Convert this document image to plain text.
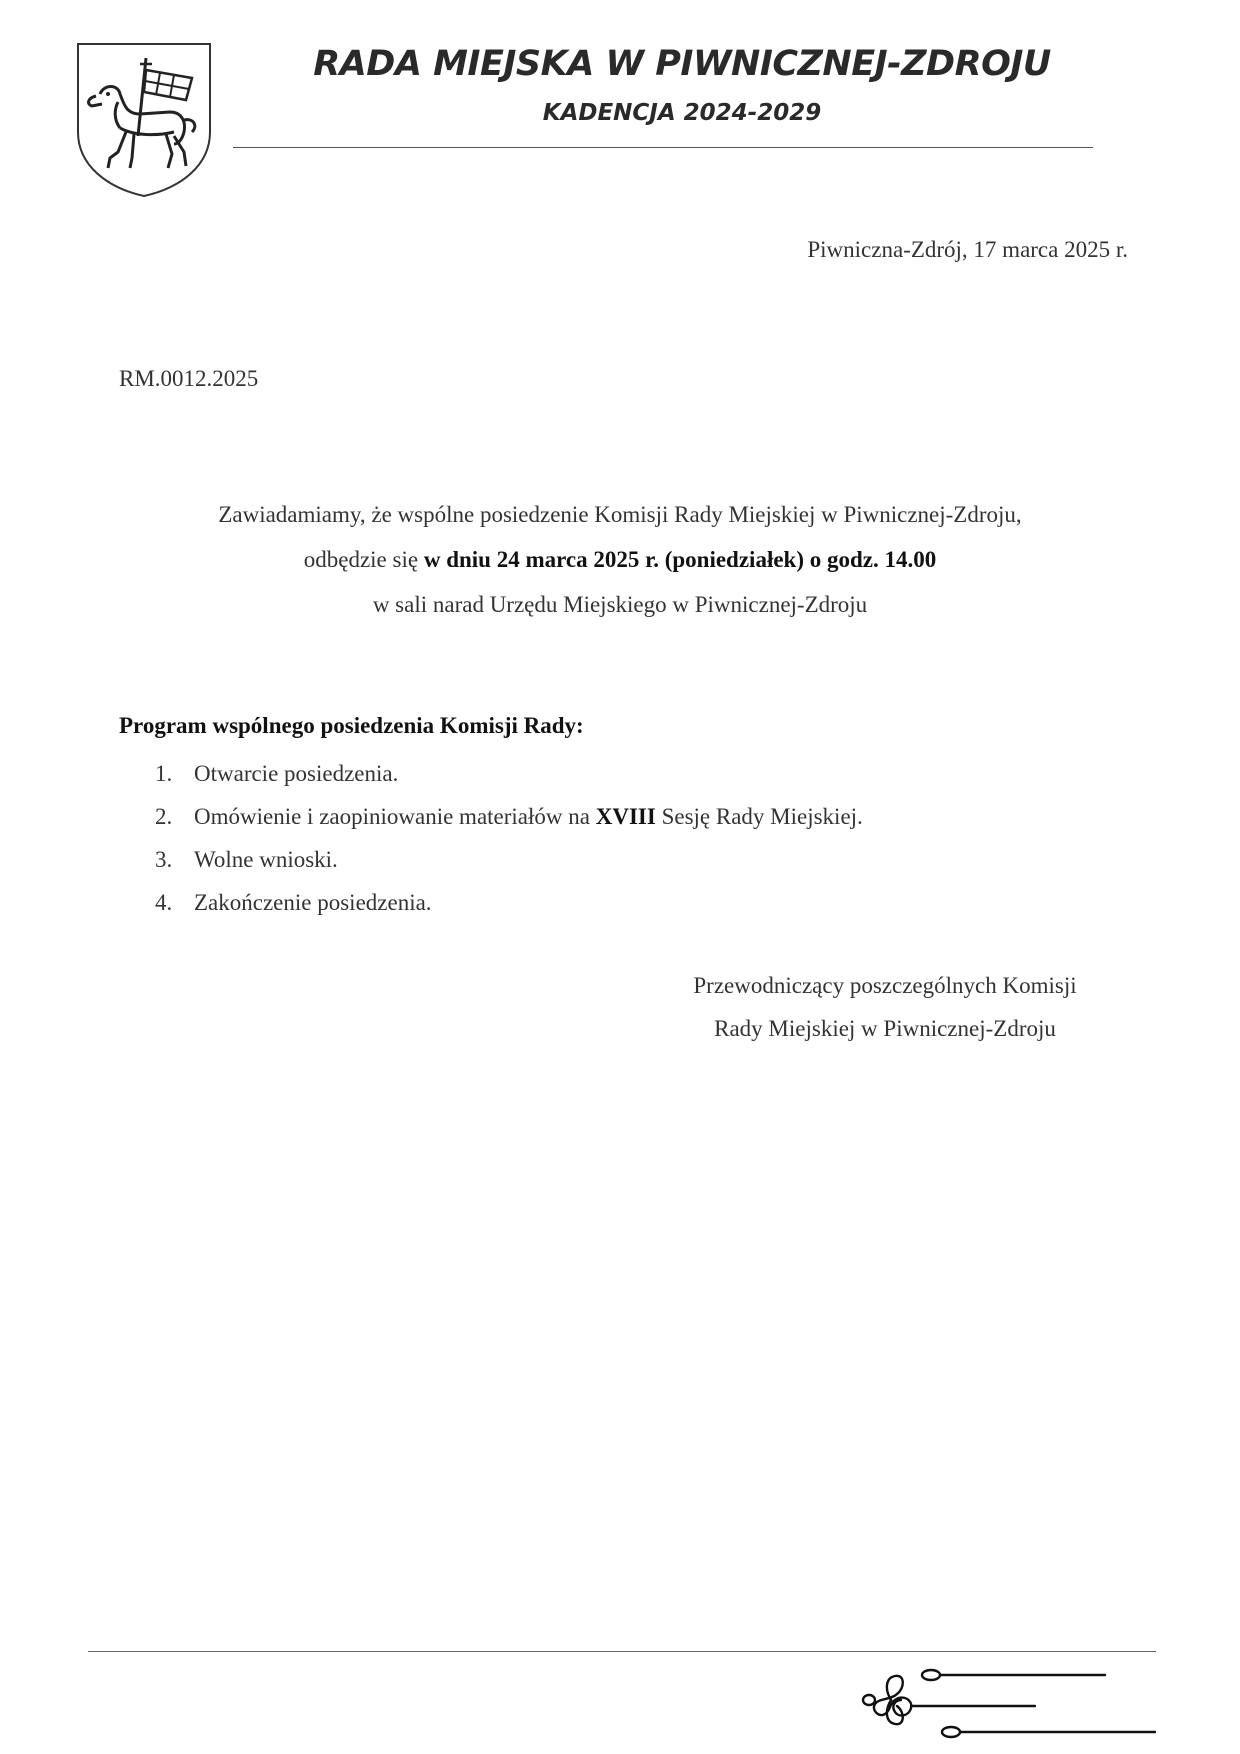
RADA MIEJSKA W PIWNICZNEJ-ZDROJU
KADENCJA 2024-2029
Piwniczna-Zdrój, 17 marca 2025 r.
RM.0012.2025
Zawiadamiamy, że wspólne posiedzenie Komisji Rady Miejskiej w Piwnicznej-Zdroju,
odbędzie się w dniu 24 marca 2025 r. (poniedziałek) o godz. 14.00
w sali narad Urzędu Miejskiego w Piwnicznej-Zdroju
Program wspólnego posiedzenia Komisji Rady:
1. Otwarcie posiedzenia.
2. Omówienie i zaopiniowanie materiałów na XVIII Sesję Rady Miejskiej.
3. Wolne wnioski.
4. Zakończenie posiedzenia.
Przewodniczący poszczególnych Komisji
Rady Miejskiej w Piwnicznej-Zdroju
